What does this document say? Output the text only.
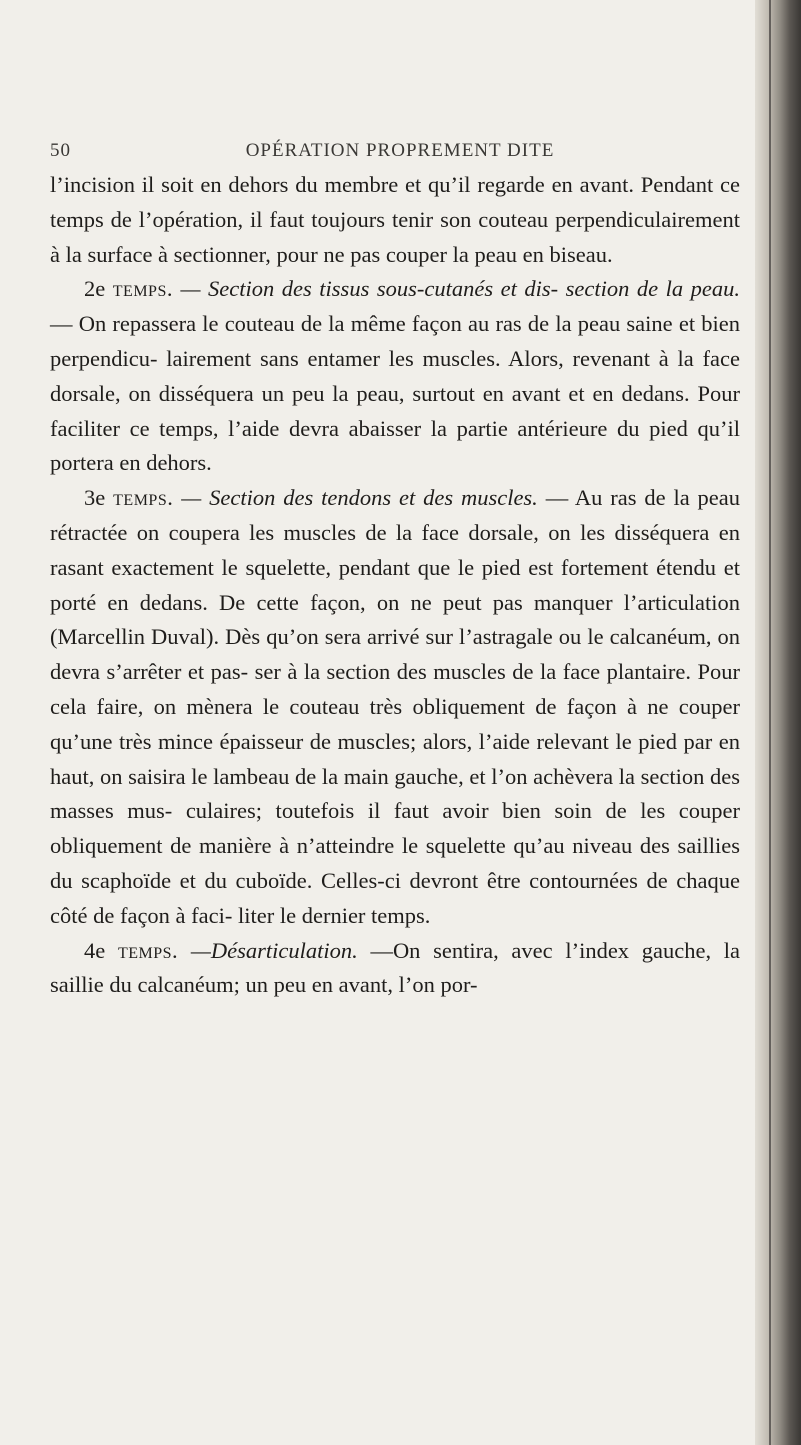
50	OPÉRATION PROPREMENT DITE

l’incision il soit en dehors du membre et qu’il regarde en avant. Pendant ce temps de l’opération, il faut toujours tenir son couteau perpendiculairement à la surface à sectionner, pour ne pas couper la peau en biseau.

2e temps. — Section des tissus sous-cutanés et dis- section de la peau. — On repassera le couteau de la même façon au ras de la peau saine et bien perpendicu- lairement sans entamer les muscles. Alors, revenant à la face dorsale, on disséquera un peu la peau, surtout en avant et en dedans. Pour faciliter ce temps, l’aide devra abaisser la partie antérieure du pied qu’il portera en dehors.

3e temps. — Section des tendons et des muscles. — Au ras de la peau rétractée on coupera les muscles de la face dorsale, on les disséquera en rasant exactement le squelette, pendant que le pied est fortement étendu et porté en dedans. De cette façon, on ne peut pas manquer l’articulation (Marcellin Duval). Dès qu’on sera arrivé sur l’astragale ou le calcanéum, on devra s’arrêter et pas- ser à la section des muscles de la face plantaire. Pour cela faire, on mènera le couteau très obliquement de façon à ne couper qu’une très mince épaisseur de muscles; alors, l’aide relevant le pied par en haut, on saisira le lambeau de la main gauche, et l’on achèvera la section des masses mus- culaires; toutefois il faut avoir bien soin de les couper obliquement de manière à n’atteindre le squelette qu’au niveau des saillies du scaphoïde et du cuboïde. Celles-ci devront être contournées de chaque côté de façon à faci- liter le dernier temps.

4e temps. —Désarticulation. —On sentira, avec l’index gauche, la saillie du calcanéum; un peu en avant, l’on por-
